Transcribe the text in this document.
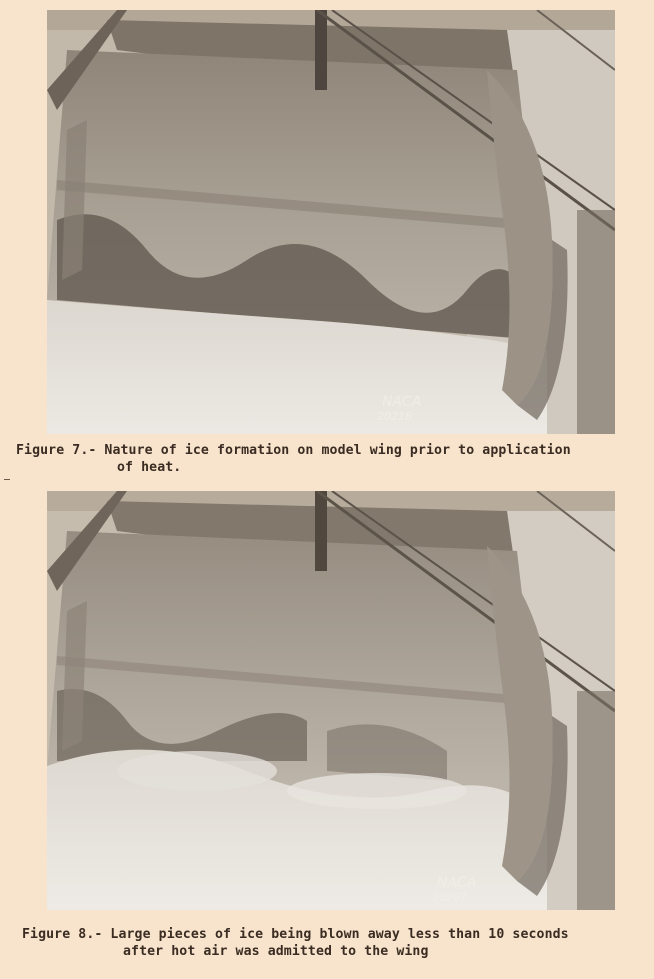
NACA
20218
Figure 7.- Nature of ice formation on model wing prior to application
of heat.
NACA
20207
Figure 8.- Large pieces of ice being blown away less than 10 seconds
after hot air was admitted to the wing
